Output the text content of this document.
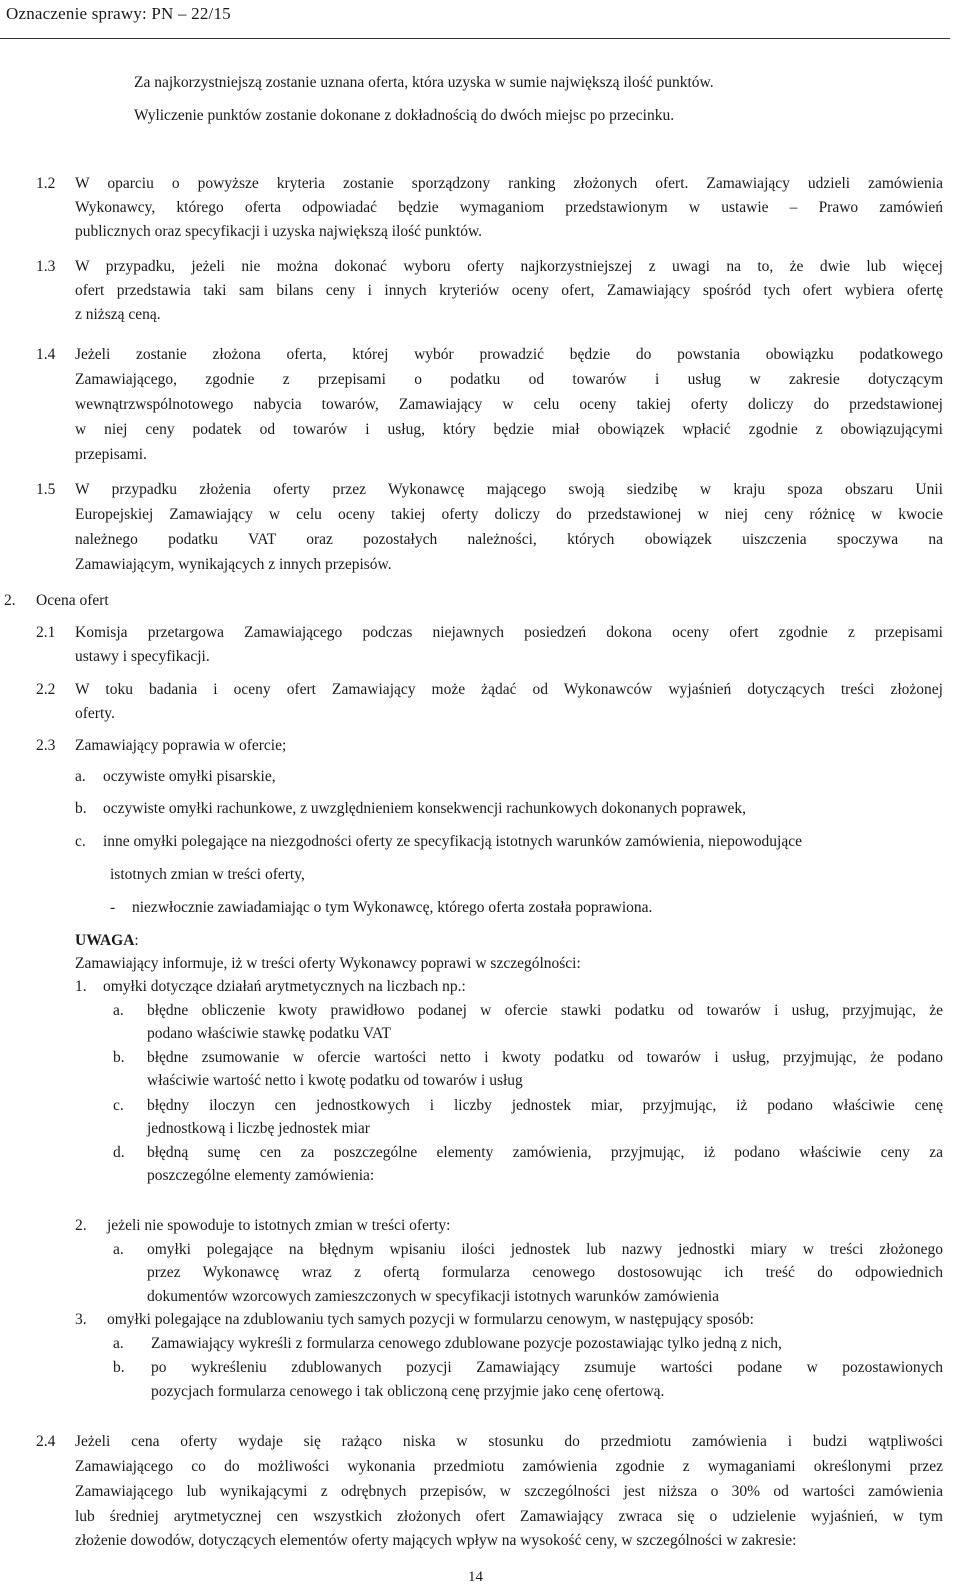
Oznaczenie sprawy: PN – 22/15
Za najkorzystniejszą zostanie uznana oferta, która uzyska w sumie największą ilość punktów.
Wyliczenie punktów zostanie dokonane z dokładnością do dwóch miejsc po przecinku.
1.2 W oparciu o powyższe kryteria zostanie sporządzony ranking złożonych ofert. Zamawiający udzieli zamówienia
Wykonawcy, którego oferta odpowiadać będzie wymaganiom przedstawionym w ustawie – Prawo zamówień
publicznych oraz specyfikacji i uzyska największą ilość punktów.
1.3 W przypadku, jeżeli nie można dokonać wyboru oferty najkorzystniejszej z uwagi na to, że dwie lub więcej
ofert przedstawia taki sam bilans ceny i innych kryteriów oceny ofert, Zamawiający spośród tych ofert wybiera ofertę
z niższą ceną.
1.4 Jeżeli zostanie złożona oferta, której wybór prowadzić będzie do powstania obowiązku podatkowego
Zamawiającego, zgodnie z przepisami o podatku od towarów i usług w zakresie dotyczącym
wewnątrzwspólnotowego nabycia towarów, Zamawiający w celu oceny takiej oferty doliczy do przedstawionej
w niej ceny podatek od towarów i usług, który będzie miał obowiązek wpłacić zgodnie z obowiązującymi
przepisami.
1.5 W przypadku złożenia oferty przez Wykonawcę mającego swoją siedzibę w kraju spoza obszaru Unii
Europejskiej Zamawiający w celu oceny takiej oferty doliczy do przedstawionej w niej ceny różnicę w kwocie
należnego podatku VAT oraz pozostałych należności, których obowiązek uiszczenia spoczywa na
Zamawiającym, wynikających z innych przepisów.
2. Ocena ofert
2.1 Komisja przetargowa Zamawiającego podczas niejawnych posiedzeń dokona oceny ofert zgodnie z przepisami
ustawy i specyfikacji.
2.2 W toku badania i oceny ofert Zamawiający może żądać od Wykonawców wyjaśnień dotyczących treści złożonej
oferty.
2.3 Zamawiający poprawia w ofercie;
a. oczywiste omyłki pisarskie,
b. oczywiste omyłki rachunkowe, z uwzględnieniem konsekwencji rachunkowych dokonanych poprawek,
c. inne omyłki polegające na niezgodności oferty ze specyfikacją istotnych warunków zamówienia, niepowodujące
istotnych zmian w treści oferty,
- niezwłocznie zawiadamiając o tym Wykonawcę, którego oferta została poprawiona.
UWAGA:
Zamawiający informuje, iż w treści oferty Wykonawcy poprawi w szczególności:
1. omyłki dotyczące działań arytmetycznych na liczbach np.:
a. błędne obliczenie kwoty prawidłowo podanej w ofercie stawki podatku od towarów i usług, przyjmując, że
podano właściwie stawkę podatku VAT
b. błędne zsumowanie w ofercie wartości netto i kwoty podatku od towarów i usług, przyjmując, że podano
właściwie wartość netto i kwotę podatku od towarów i usług
c. błędny iloczyn cen jednostkowych i liczby jednostek miar, przyjmując, iż podano właściwie cenę
jednostkową i liczbę jednostek miar
d. błędną sumę cen za poszczególne elementy zamówienia, przyjmując, iż podano właściwie ceny za
poszczególne elementy zamówienia:
2. jeżeli nie spowoduje to istotnych zmian w treści oferty:
a. omyłki polegające na błędnym wpisaniu ilości jednostek lub nazwy jednostki miary w treści złożonego
przez Wykonawcę wraz z ofertą formularza cenowego dostosowując ich treść do odpowiednich
dokumentów wzorcowych zamieszczonych w specyfikacji istotnych warunków zamówienia
3. omyłki polegające na zdublowaniu tych samych pozycji w formularzu cenowym, w następujący sposób:
a. Zamawiający wykreśli z formularza cenowego zdublowane pozycje pozostawiając tylko jedną z nich,
b. po wykreśleniu zdublowanych pozycji Zamawiający zsumuje wartości podane w pozostawionych
pozycjach formularza cenowego i tak obliczoną cenę przyjmie jako cenę ofertową.
2.4 Jeżeli cena oferty wydaje się rażąco niska w stosunku do przedmiotu zamówienia i budzi wątpliwości
Zamawiającego co do możliwości wykonania przedmiotu zamówienia zgodnie z wymaganiami określonymi przez
Zamawiającego lub wynikającymi z odrębnych przepisów, w szczególności jest niższa o 30% od wartości zamówienia
lub średniej arytmetycznej cen wszystkich złożonych ofert Zamawiający zwraca się o udzielenie wyjaśnień, w tym
złożenie dowodów, dotyczących elementów oferty mających wpływ na wysokość ceny, w szczególności w zakresie:
14
